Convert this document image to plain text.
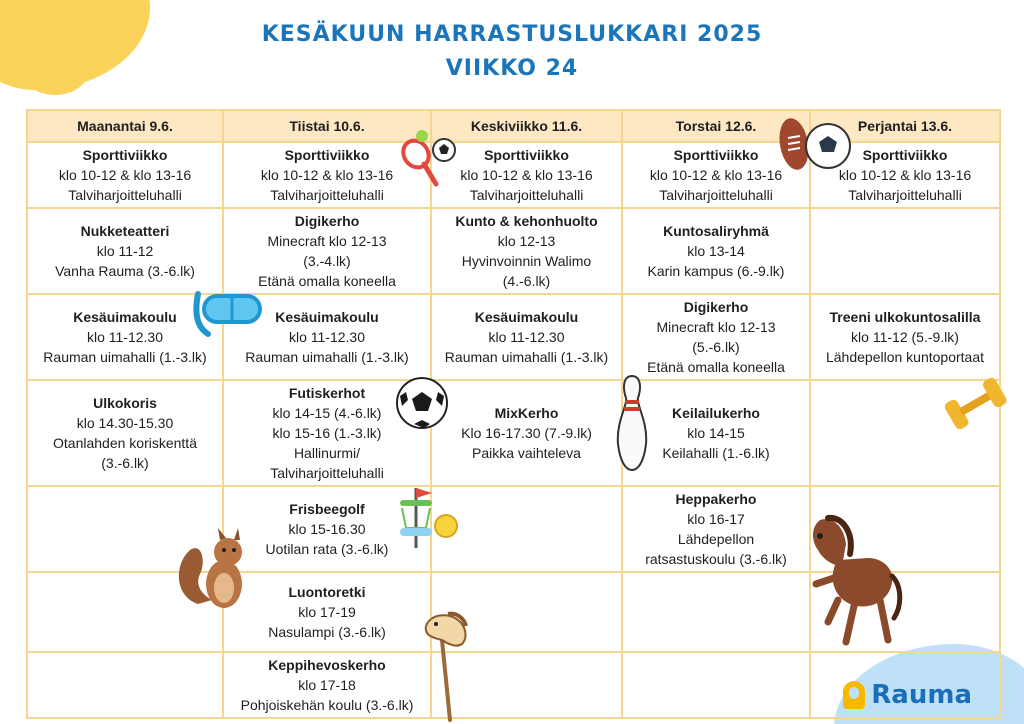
KESÄKUUN HARRASTUSLUKKARI 2025
VIIKKO 24
Maanantai 9.6.	Tiistai 10.6.	Keskiviikko 11.6.	Torstai 12.6.	Perjantai 13.6.

Sporttiviikko
klo 10-12 & klo 13-16
Talviharjoitteluhalli	Sporttiviikko
klo 10-12 & klo 13-16
Talviharjoitteluhalli	Sporttiviikko
klo 10-12 & klo 13-16
Talviharjoitteluhalli	Sporttiviikko
klo 10-12 & klo 13-16
Talviharjoitteluhalli	Sporttiviikko
klo 10-12 & klo 13-16
Talviharjoitteluhalli

Nukketeatteri
klo 11-12
Vanha Rauma (3.-6.lk)	Digikerho
Minecraft klo 12-13
(3.-4.lk)
Etänä omalla koneella	Kunto & kehonhuolto
klo 12-13
Hyvinvoinnin Walimo
(4.-6.lk)	Kuntosaliryhmä
klo 13-14
Karin kampus (6.-9.lk)	

Kesäuimakoulu
klo 11-12.30
Rauman uimahalli (1.-3.lk)	Kesäuimakoulu
klo 11-12.30
Rauman uimahalli (1.-3.lk)	Kesäuimakoulu
klo 11-12.30
Rauman uimahalli (1.-3.lk)	Digikerho
Minecraft klo 12-13
(5.-6.lk)
Etänä omalla koneella	Treeni ulkokuntosalilla
klo 11-12 (5.-9.lk)
Lähdepellon kuntoportaat

Ulkokoris
klo 14.30-15.30
Otanlahden koriskenttä
(3.-6.lk)	Futiskerhot
klo 14-15 (4.-6.lk)
klo 15-16 (1.-3.lk)
Hallinurmi/
Talviharjoitteluhalli	MixKerho
Klo 16-17.30 (7.-9.lk)
Paikka vaihteleva	Keilailukerho
klo 14-15
Keilahalli (1.-6.lk)	

	Frisbeegolf
klo 15-16.30
Uotilan rata (3.-6.lk)		Heppakerho
klo 16-17
Lähdepellon
ratsastuskoulu (3.-6.lk)	

	Luontoretki
klo 17-19
Nasulampi (3.-6.lk)			

	Keppihevoskerho
klo 17-18
Pohjoiskehän koulu (3.-6.lk)			
				Rauma
